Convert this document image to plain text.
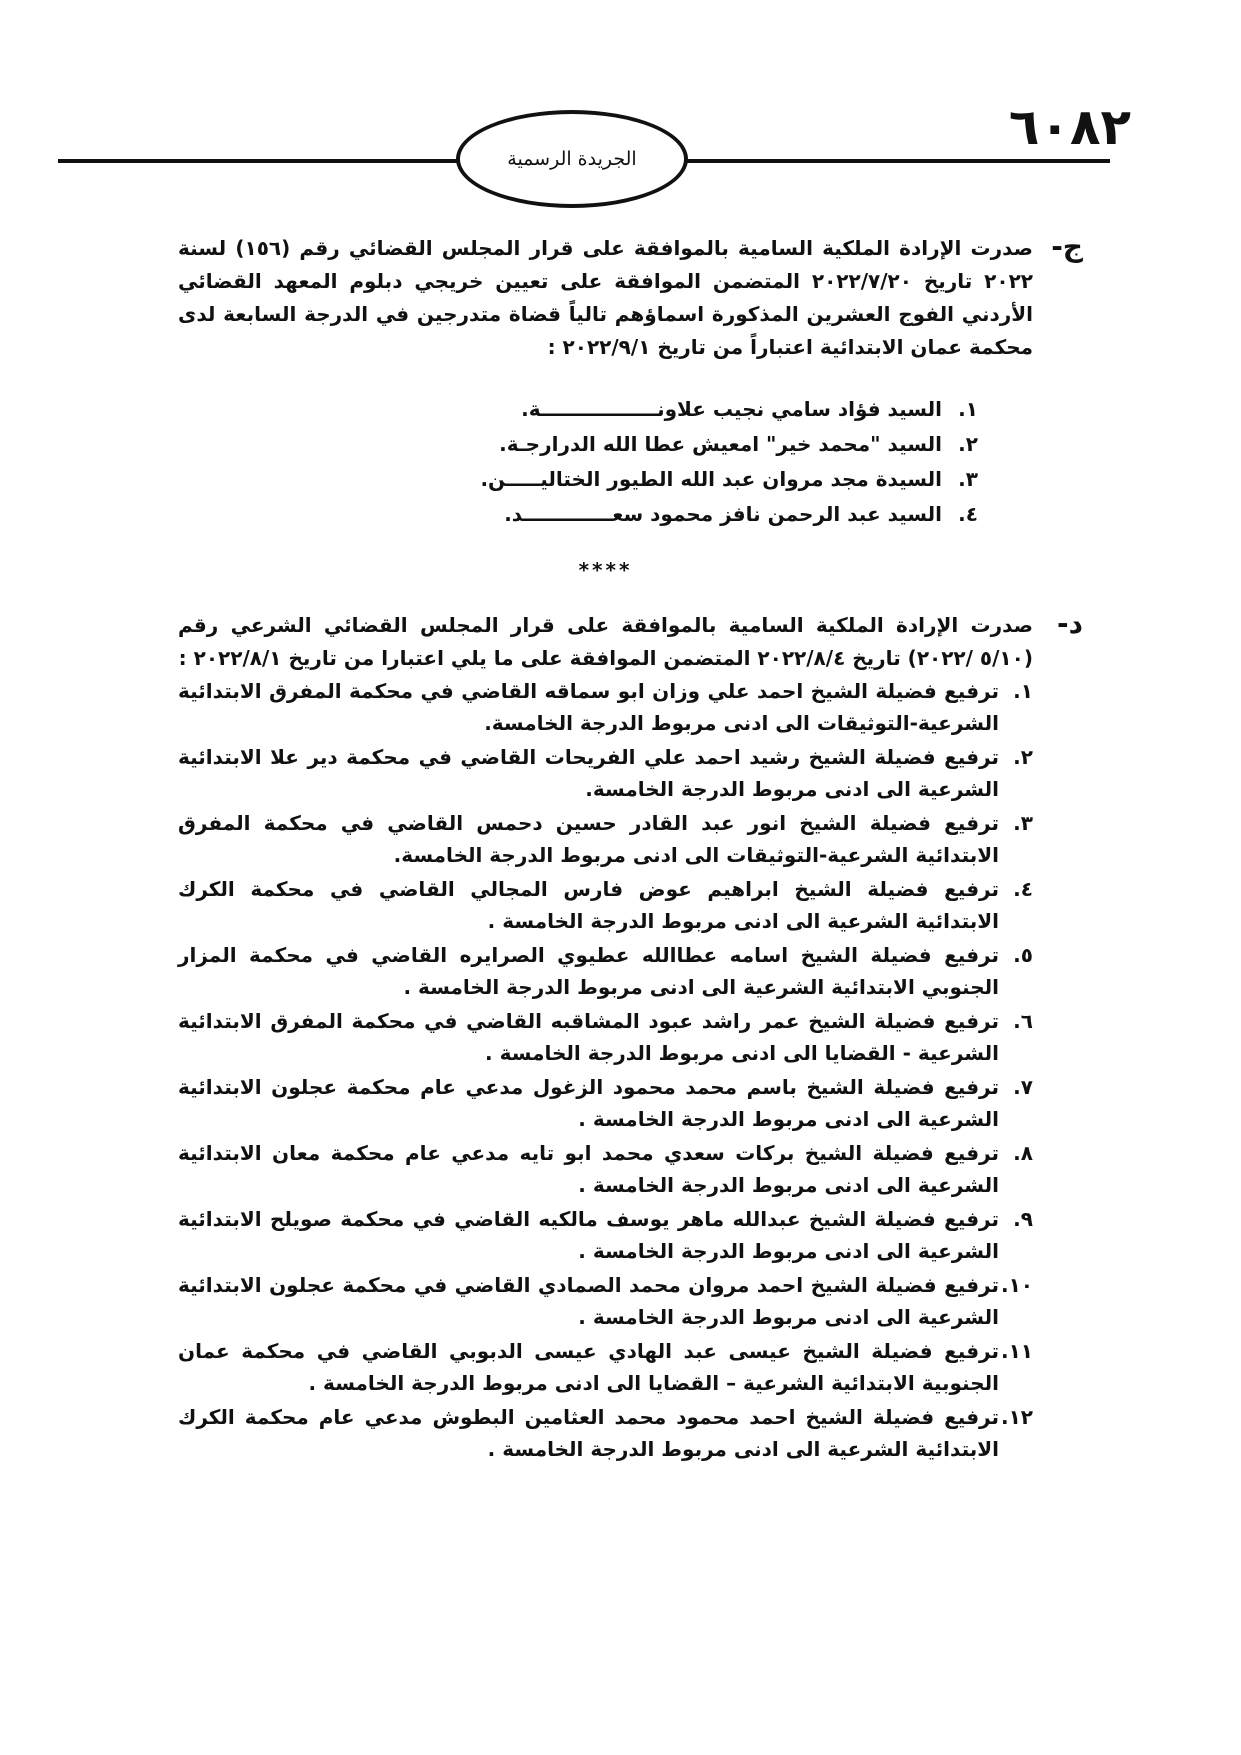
٦٠٨٢
الجريدة الرسمية
ج-

صدرت الإرادة الملكية السامية بالموافقة على قرار المجلس القضائي رقم (١٥٦) لسنة ٢٠٢٢ تاريخ ٢٠٢٢/٧/٢٠ المتضمن الموافقة على تعيين خريجي دبلوم المعهد القضائي الأردني الفوج العشرين المذكورة اسماؤهم تالياً قضاة متدرجين في الدرجة السابعة لدى محكمة عمان الابتدائية اعتباراً من تاريخ ٢٠٢٢/٩/١ :

١.
السيد فؤاد سامي نجيب علاونـــــــــــــــــة.
٢.
السيد "محمد خير" امعيش عطا الله الدرارجـة.
٣.
السيدة مجد مروان عبد الله الطيور الختاليـــــن.
٤.
السيد عبد الرحمن نافز محمود سعـــــــــــــد.
****
د-

صدرت الإرادة الملكية السامية بالموافقة على قرار المجلس القضائي الشرعي رقم (٥/١٠ /٢٠٢٢) تاريخ ٢٠٢٢/٨/٤ المتضمن الموافقة على ما يلي اعتبارا من تاريخ ٢٠٢٢/٨/١ :

١.
ترفيع فضيلة الشيخ احمد علي وزان ابو سماقه القاضي في محكمة المفرق الابتدائية الشرعية-التوثيقات الى ادنى مربوط الدرجة الخامسة.
٢.
ترفيع فضيلة الشيخ رشيد احمد علي الفريحات القاضي في محكمة دير علا الابتدائية الشرعية الى ادنى مربوط الدرجة الخامسة.
٣.
ترفيع فضيلة الشيخ انور عبد القادر حسين دحمس القاضي في محكمة المفرق الابتدائية الشرعية-التوثيقات الى ادنى مربوط الدرجة الخامسة.
٤.
ترفيع فضيلة الشيخ ابراهيم عوض فارس المجالي القاضي في محكمة الكرك الابتدائية الشرعية الى ادنى مربوط الدرجة الخامسة .
٥.
ترفيع فضيلة الشيخ اسامه عطاالله عطيوي الصرايره القاضي في محكمة المزار الجنوبي الابتدائية الشرعية الى ادنى مربوط الدرجة الخامسة .
٦.
ترفيع فضيلة الشيخ عمر راشد عبود المشاقبه القاضي في محكمة المفرق الابتدائية الشرعية - القضايا الى ادنى مربوط الدرجة الخامسة .
٧.
ترفيع فضيلة الشيخ باسم محمد محمود الزغول مدعي عام محكمة عجلون الابتدائية الشرعية الى ادنى مربوط الدرجة الخامسة .
٨.
ترفيع فضيلة الشيخ بركات سعدي محمد ابو تايه مدعي عام محكمة معان الابتدائية الشرعية الى ادنى مربوط الدرجة الخامسة .
٩.
ترفيع فضيلة الشيخ عبدالله ماهر يوسف مالكيه القاضي في محكمة صويلح الابتدائية الشرعية الى ادنى مربوط الدرجة الخامسة .
١٠.
ترفيع فضيلة الشيخ احمد مروان محمد الصمادي القاضي في محكمة عجلون الابتدائية الشرعية الى ادنى مربوط الدرجة الخامسة .
١١.
ترفيع فضيلة الشيخ عيسى عبد الهادي عيسى الدبوبي القاضي في محكمة عمان الجنوبية الابتدائية الشرعية – القضايا الى ادنى مربوط الدرجة الخامسة .
١٢.
ترفيع فضيلة الشيخ احمد محمود محمد العثامين البطوش مدعي عام محكمة الكرك الابتدائية الشرعية الى ادنى مربوط الدرجة الخامسة .
